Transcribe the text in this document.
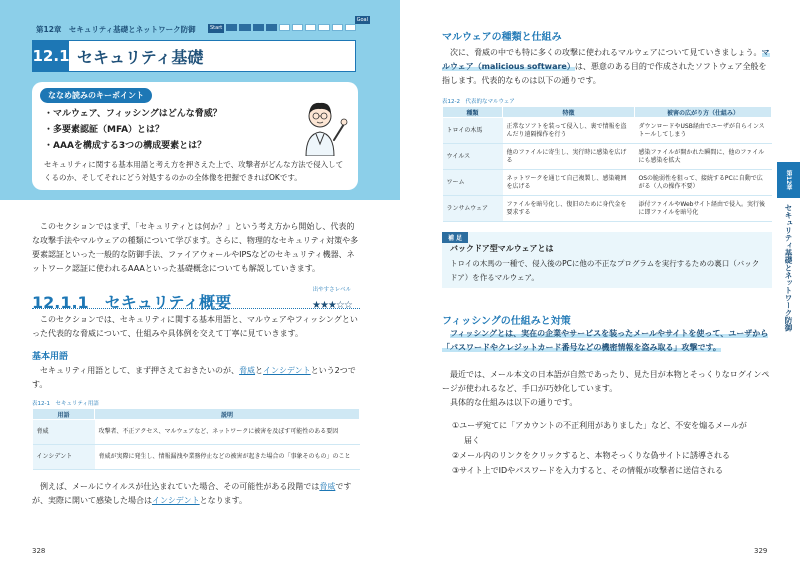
第12章　セキュリティ基礎とネットワーク防御	Start
Goal
12.1 セキュリティ基礎
ななめ読みのキーポイント
・ マルウェア、フィッシングはどんな脅威？
・ 多要素認証（MFA）とは？
・ AAAを構成する3つの構成要素とは？

セキュリティに関する基本用語と考え方を押さえた上で、攻撃者がどんな方法で侵入してくるのか、そしてそれにどう対処するのかの全体像を把握できればOKです。

このセクションではまず、「セキュリティとは何か？」という考え方から開始し、代表的な攻撃手法やマルウェアの種類について学びます。さらに、物理的なセキュリティ対策や多要素認証といった一般的な防御手法、ファイアウォールやIPSなどのセキュリティ機器、ネットワーク認証に使われるAAAといった基礎概念についても解説していきます。

12.1.1 セキュリティ概要
出やすさレベル
★★★☆☆

このセクションでは、セキュリティに関する基本用語と、マルウェアやフィッシングといった代表的な脅威について、仕組みや具体例を交えて丁寧に見ていきます。

基本用語

セキュリティ用語として、まず押さえておきたいのが、脅威とインシデントという2つです。

表12-1　セキュリティ用語
用語	説明
脅威	攻撃者、不正アクセス、マルウェアなど、ネットワークに被害を及ぼす可能性のある要因
インシデント	脅威が実際に発生し、情報漏洩や業務停止などの被害が起きた場合の「事象そのもの」のこと

例えば、メールにウイルスが仕込まれていた場合、その可能性がある段階では脅威ですが、実際に開いて感染した場合はインシデントとなります。

328
マルウェアの種類と仕組み

次に、脅威の中でも特に多くの攻撃に使われるマルウェアについて見ていきましょう。マルウェア（malicious software）は、悪意のある目的で作成されたソフトウェア全般を指します。代表的なものは以下の通りです。

表12-2　代表的なマルウェア
種類	特徴	被害の広がり方（仕組み）
トロイの木馬	正常なソフトを装って侵入し、裏で情報を盗んだり遠隔操作を行う	ダウンロードやUSB経由でユーザが自らインストールしてしまう
ウイルス	他のファイルに寄生し、実行時に感染を広げる	感染ファイルが開かれた瞬間に、他のファイルにも感染を拡大
ワーム	ネットワークを通じて自己複製し、感染範囲を広げる	OSの脆弱性を狙って、接続するPCに自動で広がる（人の操作不要）
ランサムウェア	ファイルを暗号化し、復旧のために身代金を要求する	添付ファイルやWebサイト経由で侵入。実行後に即ファイルを暗号化
補 足
バックドア型マルウェアとは

トロイの木馬の一種で、侵入後のPCに他の不正なプログラムを実行するための裏口（バックドア）を作るマルウェア。

フィッシングの仕組みと対策

フィッシングとは、実在の企業やサービスを装ったメールやサイトを使って、ユーザから「パスワードやクレジットカード番号などの機密情報を盗み取る」攻撃です。

最近では、メール本文の日本語が自然であったり、見た目が本物とそっくりなログインページが使われるなど、手口が巧妙化しています。

具体的な仕組みは以下の通りです。

①ユーザ宛てに「アカウントの不正利用がありました」など、不安を煽るメールが
届く
②メール内のリンクをクリックすると、本物そっくりな偽サイトに誘導される
③サイト上でIDやパスワードを入力すると、その情報が攻撃者に送信される
第12章
セキュリティ基礎とネットワーク防御
329
